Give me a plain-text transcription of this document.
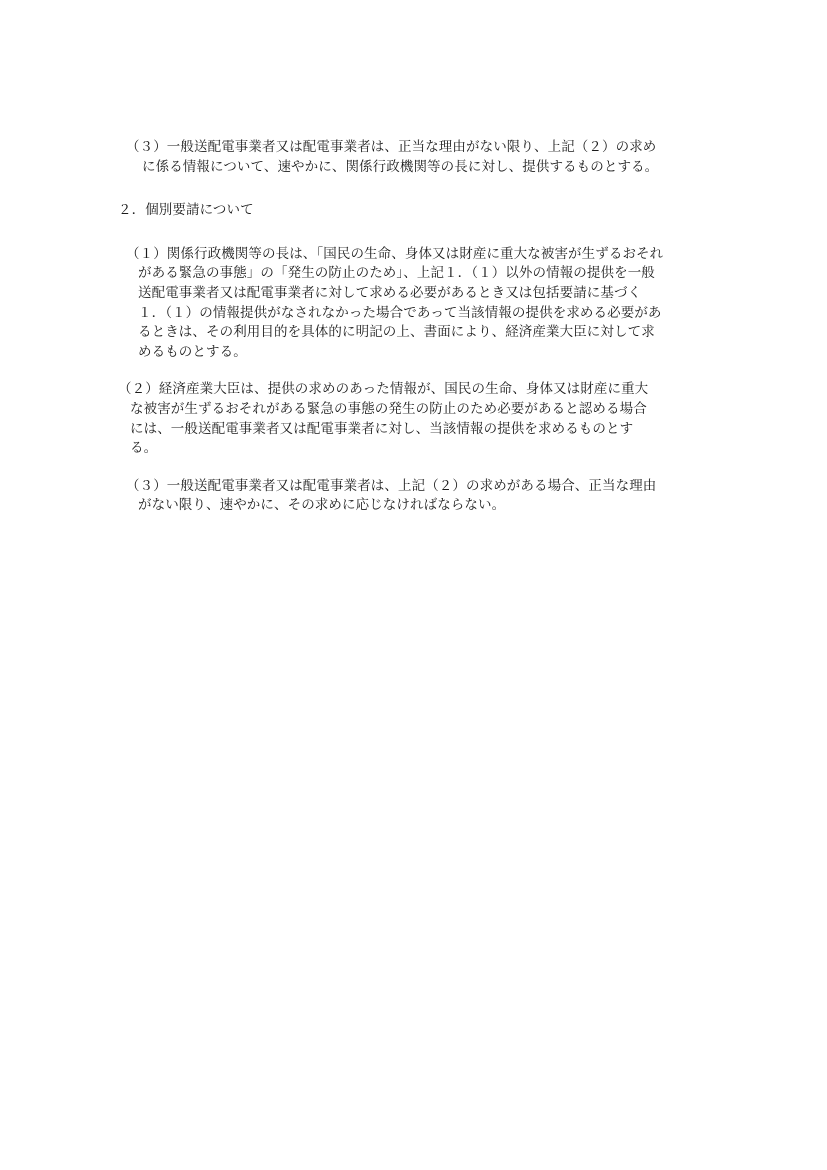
（３）一般送配電事業者又は配電事業者は、正当な理由がない限り、上記（２）の求め
に係る情報について、速やかに、関係行政機関等の長に対し、提供するものとする。
２．個別要請について
（１）関係行政機関等の長は、「国民の生命、身体又は財産に重大な被害が生ずるおそれ
がある緊急の事態」の「発生の防止のため」、上記１．（１）以外の情報の提供を一般
送配電事業者又は配電事業者に対して求める必要があるとき又は包括要請に基づく
１．（１）の情報提供がなされなかった場合であって当該情報の提供を求める必要があ
るときは、その利用目的を具体的に明記の上、書面により、経済産業大臣に対して求
めるものとする。
（２）経済産業大臣は、提供の求めのあった情報が、国民の生命、身体又は財産に重大
な被害が生ずるおそれがある緊急の事態の発生の防止のため必要があると認める場合
には、一般送配電事業者又は配電事業者に対し、当該情報の提供を求めるものとす
る。
（３）一般送配電事業者又は配電事業者は、上記（２）の求めがある場合、正当な理由
がない限り、速やかに、その求めに応じなければならない。
